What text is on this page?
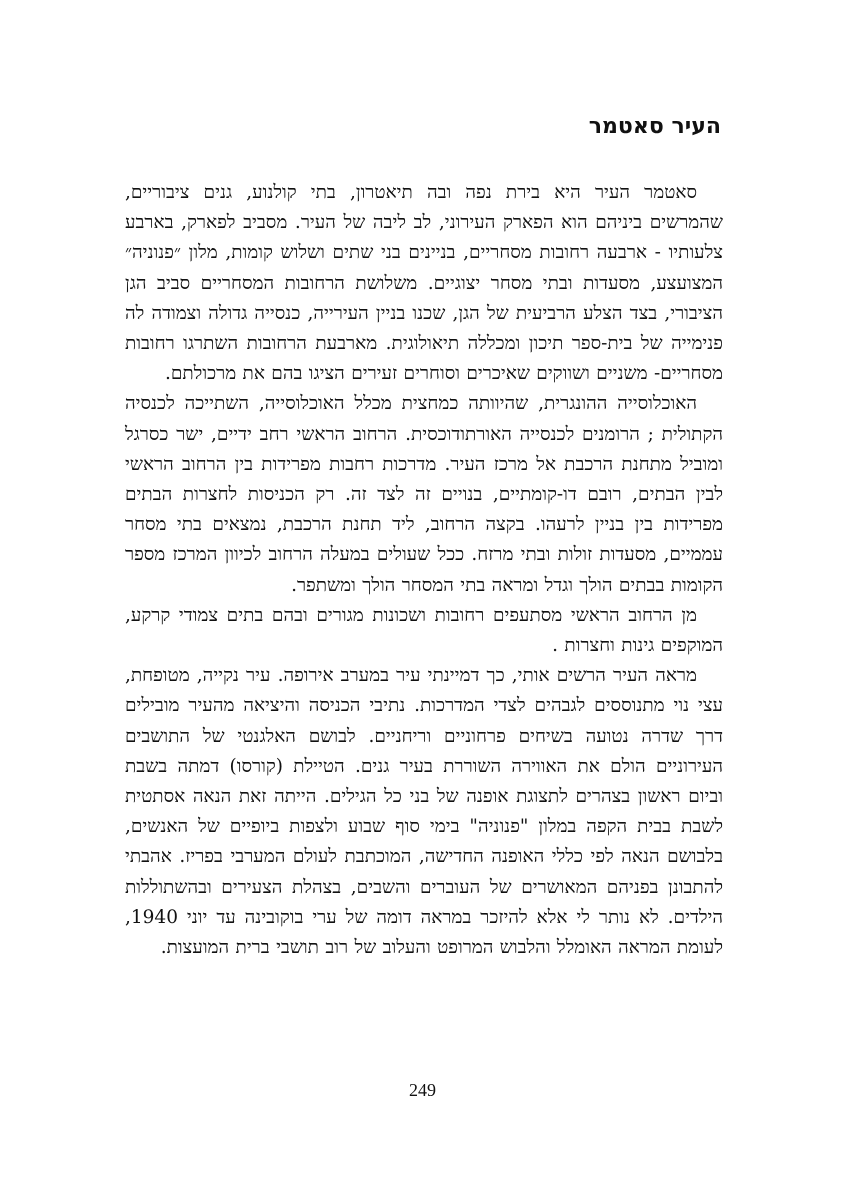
העיר סאטמר

סאטמר העיר היא בירת נפה ובה תיאטרון, בתי קולנוע, גנים ציבוריים, שהמרשים ביניהם הוא הפארק העירוני, לב ליבה של העיר. מסביב לפארק, בארבע צלעותיו - ארבעה רחובות מסחריים, בניינים בני שתים ושלוש קומות, מלון ״פנוניה״ המצועצע, מסעדות ובתי מסחר יצוגיים. משלושת הרחובות המסחריים סביב הגן הציבורי, בצד הצלע הרביעית של הגן, שכנו בניין העירייה, כנסייה גדולה וצמודה לה פנימייה של בית-ספר תיכון ומכללה תיאולוגית. מארבעת הרחובות השתרגו רחובות מסחריים- משניים ושווקים שאיכרים וסוחרים זעירים הציגו בהם את מרכולתם.

האוכלוסייה ההונגרית, שהיוותה כמחצית מכלל האוכלוסייה, השתייכה לכנסיה הקתולית ; הרומנים לכנסייה האורתודוכסית. הרחוב הראשי רחב ידיים, ישר כסרגל ומוביל מתחנת הרכבת אל מרכז העיר. מדרכות רחבות מפרידות בין הרחוב הראשי לבין הבתים, רובם דו-קומתיים, בנויים זה לצד זה. רק הכניסות לחצרות הבתים מפרידות בין בניין לרעהו. בקצה הרחוב, ליד תחנת הרכבת, נמצאים בתי מסחר עממיים, מסעדות זולות ובתי מרזח. ככל שעולים במעלה הרחוב לכיוון המרכז מספר הקומות בבתים הולך וגדל ומראה בתי המסחר הולך ומשתפר.

מן הרחוב הראשי מסתעפים רחובות ושכונות מגורים ובהם בתים צמודי קרקע, המוקפים גינות וחצרות .

מראה העיר הרשים אותי, כך דמיינתי עיר במערב אירופה. עיר נקייה, מטופחת, עצי נוי מתנוססים לגבהים לצדי המדרכות. נתיבי הכניסה והיציאה מהעיר מובילים דרך שדרה נטועה בשיחים פרחוניים וריחניים. לבושם האלגנטי של התושבים העירוניים הולם את האווירה השוררת בעיר גנים. הטיילת (קורסו) דמתה בשבת וביום ראשון בצהרים לתצוגת אופנה של בני כל הגילים. הייתה זאת הנאה אסתטית לשבת בבית הקפה במלון "פנוניה" בימי סוף שבוע ולצפות ביופיים של האנשים, בלבושם הנאה לפי כללי האופנה החדישה, המוכתבת לעולם המערבי בפריז. אהבתי להתבונן בפניהם המאושרים של העוברים והשבים, בצהלת הצעירים ובהשתוללות הילדים. לא נותר לי אלא להיזכר במראה דומה של ערי בוקובינה עד יוני 1940, לעומת המראה האומלל והלבוש המרופט והעלוב של רוב תושבי ברית המועצות.

249
